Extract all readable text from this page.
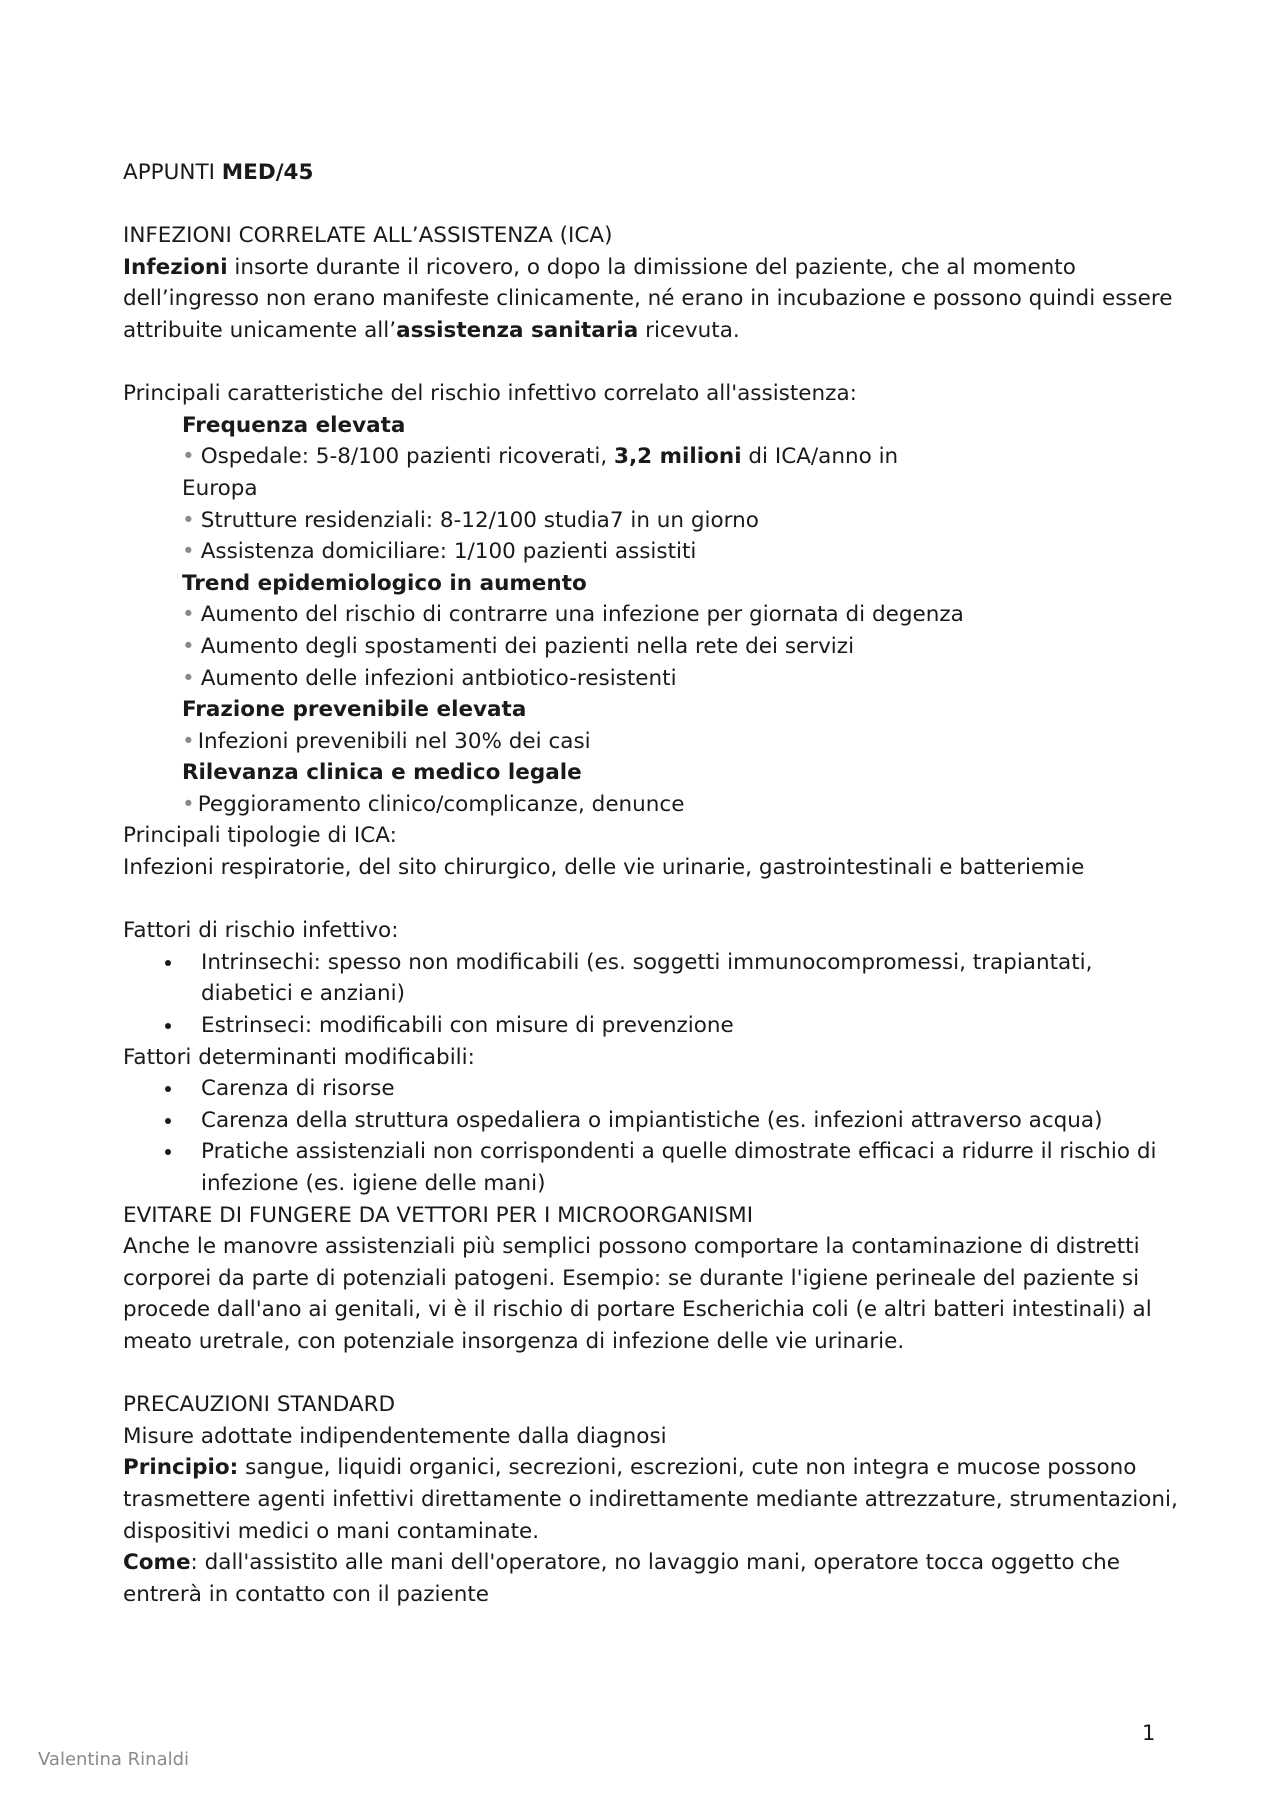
APPUNTI MED/45

INFEZIONI CORRELATE ALL’ASSISTENZA (ICA)

Infezioni insorte durante il ricovero, o dopo la dimissione del paziente, che al momento

dell’ingresso non erano manifeste clinicamente, né erano in incubazione e possono quindi essere

attribuite unicamente all’assistenza sanitaria ricevuta.

Principali caratteristiche del rischio infettivo correlato all'assistenza:

Frequenza elevata

• Ospedale: 5-8/100 pazienti ricoverati, 3,2 milioni di ICA/anno in

Europa

• Strutture residenziali: 8-12/100 studia7 in un giorno

• Assistenza domiciliare: 1/100 pazienti assistiti

Trend epidemiologico in aumento

• Aumento del rischio di contrarre una infezione per giornata di degenza

• Aumento degli spostamenti dei pazienti nella rete dei servizi

• Aumento delle infezioni antbiotico-resistenti

Frazione prevenibile elevata

• Infezioni prevenibili nel 30% dei casi

Rilevanza clinica e medico legale

• Peggioramento clinico/complicanze, denunce

Principali tipologie di ICA:

Infezioni respiratorie, del sito chirurgico, delle vie urinarie, gastrointestinali e batteriemie

Fattori di rischio infettivo:

Intrinsechi: spesso non modificabili (es. soggetti immunocompromessi, trapiantati,

diabetici e anziani)

Estrinseci: modificabili con misure di prevenzione

Fattori determinanti modificabili:

Carenza di risorse

Carenza della struttura ospedaliera o impiantistiche (es. infezioni attraverso acqua)

Pratiche assistenziali non corrispondenti a quelle dimostrate efficaci a ridurre il rischio di

infezione (es. igiene delle mani)

EVITARE DI FUNGERE DA VETTORI PER I MICROORGANISMI

Anche le manovre assistenziali più semplici possono comportare la contaminazione di distretti

corporei da parte di potenziali patogeni. Esempio: se durante l'igiene perineale del paziente si

procede dall'ano ai genitali, vi è il rischio di portare Escherichia coli (e altri batteri intestinali) al

meato uretrale, con potenziale insorgenza di infezione delle vie urinarie.

PRECAUZIONI STANDARD

Misure adottate indipendentemente dalla diagnosi

Principio: sangue, liquidi organici, secrezioni, escrezioni, cute non integra e mucose possono

trasmettere agenti infettivi direttamente o indirettamente mediante attrezzature, strumentazioni,

dispositivi medici o mani contaminate.

Come: dall'assistito alle mani dell'operatore, no lavaggio mani, operatore tocca oggetto che

entrerà in contatto con il paziente

1
Valentina Rinaldi
